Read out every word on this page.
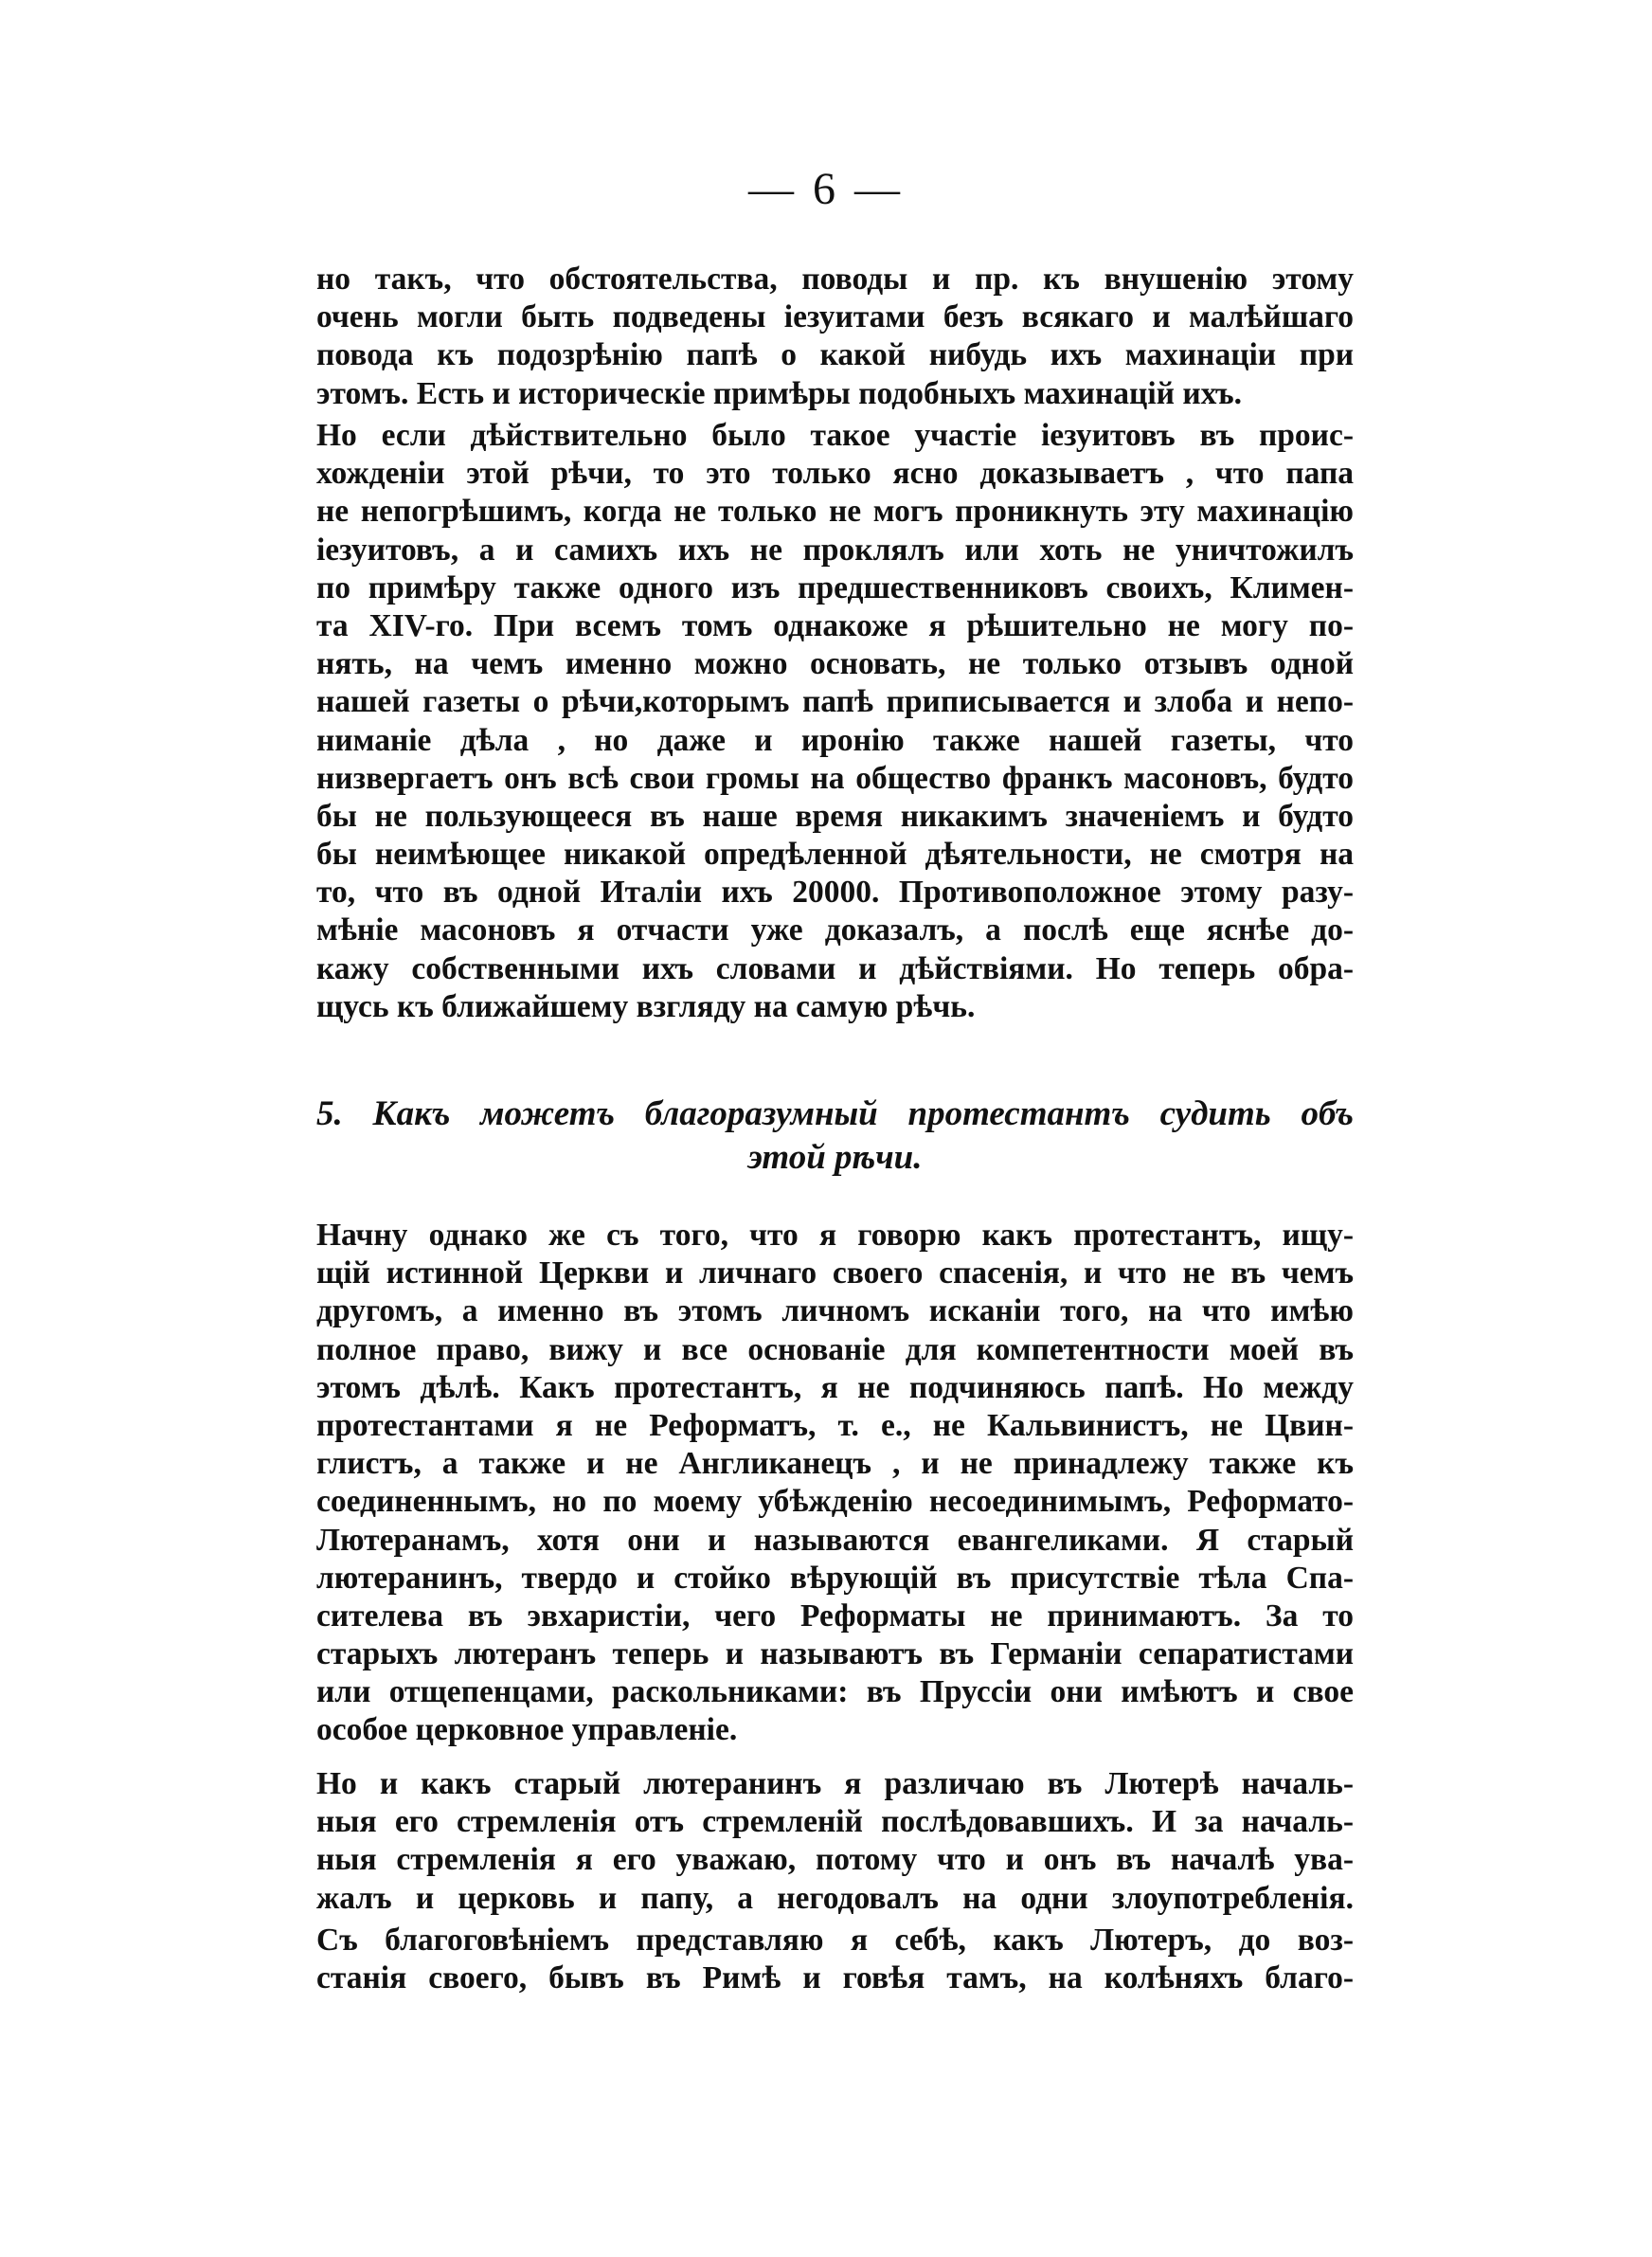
— 6 —
но такъ, что обстоятельства, поводы и пр. къ внушенію этому
очень могли быть подведены іезуитами безъ всякаго и малѣйшаго
повода къ подозрѣнію папѣ о какой нибудь ихъ махинаціи при
этомъ. Есть и историческіе примѣры подобныхъ махинацій ихъ.
Но если дѣйствительно было такое участіе іезуитовъ въ проис-
хожденіи этой рѣчи, то это только ясно доказываетъ , что папа
не непогрѣшимъ, когда не только не могъ проникнуть эту махинацію
іезуитовъ, а и самихъ ихъ не проклялъ или хоть не уничтожилъ
по примѣру также одного изъ предшественниковъ своихъ, Климен-
та XIV-го. При всемъ томъ однакоже я рѣшительно не могу по-
нять, на чемъ именно можно основать, не только отзывъ одной
нашей газеты о рѣчи,которымъ папѣ приписывается и злоба и непо-
ниманіе дѣла , но даже и иронію также нашей газеты, что
низвергаетъ онъ всѣ свои громы на общество франкъ масоновъ, будто
бы не пользующееся въ наше время никакимъ значеніемъ и будто
бы неимѣющее никакой опредѣленной дѣятельности, не смотря на
то, что въ одной Италіи ихъ 20000. Противоположное этому разу-
мѣніе масоновъ я отчасти уже доказалъ, а послѣ еще яснѣе до-
кажу собственными ихъ словами и дѣйствіями. Но теперь обра-
щусь къ ближайшему взгляду на самую рѣчь.
5. Какъ можетъ благоразумный протестантъ судить объ
этой рѣчи.
Начну однако же съ того, что я говорю какъ протестантъ, ищу-
щій истинной Церкви и личнаго своего спасенія, и что не въ чемъ
другомъ, а именно въ этомъ личномъ исканіи того, на что имѣю
полное право, вижу и все основаніе для компетентности моей въ
этомъ дѣлѣ. Какъ протестантъ, я не подчиняюсь папѣ. Но между
протестантами я не Реформатъ, т. е., не Кальвинистъ, не Цвин-
глистъ, а также и не Англиканецъ , и не принадлежу также къ
соединеннымъ, но по моему убѣжденію несоединимымъ, Реформато-
Лютеранамъ, хотя они и называются евангеликами. Я старый
лютеранинъ, твердо и стойко вѣрующій въ присутствіе тѣла Спа-
сителева въ эвхаристіи, чего Реформаты не принимаютъ. За то
старыхъ лютеранъ теперь и называютъ въ Германіи сепаратистами
или отщепенцами, раскольниками: въ Пруссіи они имѣютъ и свое
особое церковное управленіе.
Но и какъ старый лютеранинъ я различаю въ Лютерѣ началь-
ныя его стремленія отъ стремленій послѣдовавшихъ. И за началь-
ныя стремленія я его уважаю, потому что и онъ въ началѣ ува-
жалъ и церковь и папу, а негодовалъ на одни злоупотребленія.
Съ благоговѣніемъ представляю я себѣ, какъ Лютеръ, до воз-
станія своего, бывъ въ Римѣ и говѣя тамъ, на колѣняхъ благо-
